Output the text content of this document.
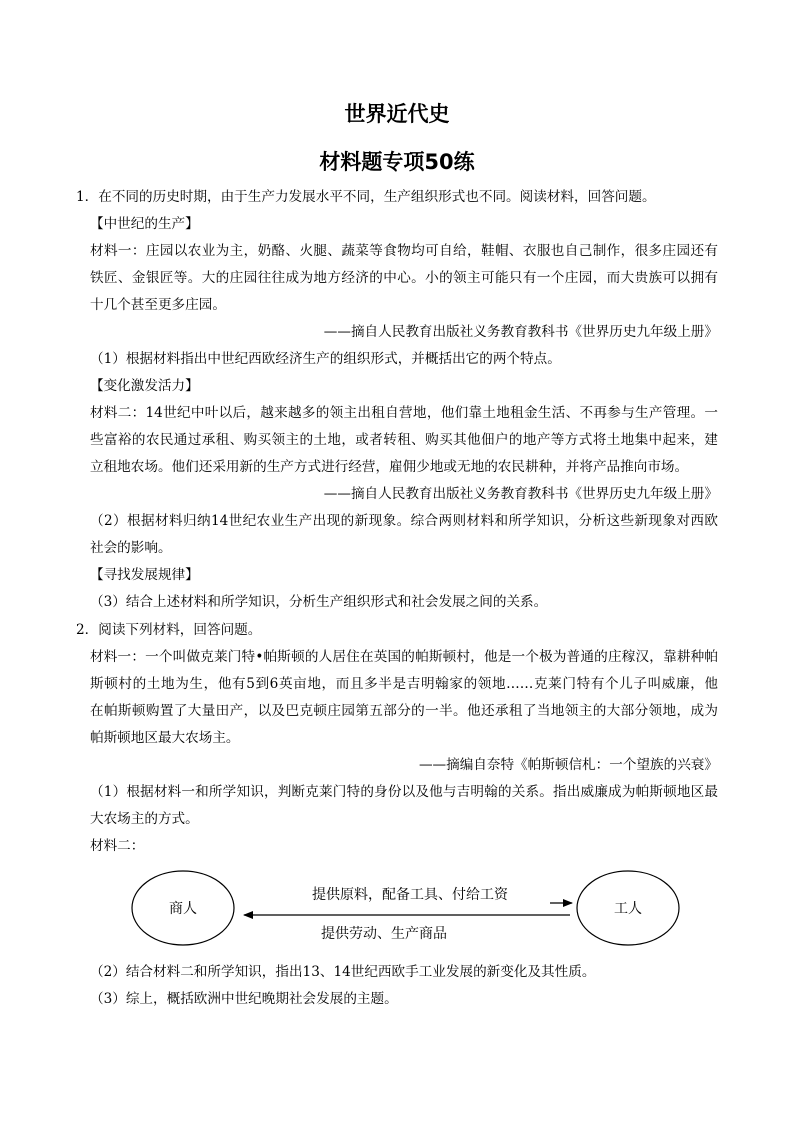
世界近代史
材料题专项50练
1．在不同的历史时期，由于生产力发展水平不同，生产组织形式也不同。阅读材料，回答问题。
【中世纪的生产】
材料一：庄园以农业为主，奶酪、火腿、蔬菜等食物均可自给，鞋帽、衣服也自己制作，很多庄园还有
铁匠、金银匠等。大的庄园往往成为地方经济的中心。小的领主可能只有一个庄园，而大贵族可以拥有
十几个甚至更多庄园。
——摘自人民教育出版社义务教育教科书《世界历史九年级上册》
（1）根据材料指出中世纪西欧经济生产的组织形式，并概括出它的两个特点。
【变化激发活力】
材料二：14世纪中叶以后，越来越多的领主出租自营地，他们靠土地租金生活、不再参与生产管理。一
些富裕的农民通过承租、购买领主的土地，或者转租、购买其他佃户的地产等方式将土地集中起来，建
立租地农场。他们还采用新的生产方式进行经营，雇佣少地或无地的农民耕种，并将产品推向市场。
——摘自人民教育出版社义务教育教科书《世界历史九年级上册》
（2）根据材料归纳14世纪农业生产出现的新现象。综合两则材料和所学知识，分析这些新现象对西欧
社会的影响。
【寻找发展规律】
（3）结合上述材料和所学知识，分析生产组织形式和社会发展之间的关系。
2．阅读下列材料，回答问题。
材料一：一个叫做克莱门特•帕斯顿的人居住在英国的帕斯顿村，他是一个极为普通的庄稼汉，靠耕种帕
斯顿村的土地为生，他有5到6英亩地，而且多半是吉明翰家的领地……克莱门特有个儿子叫威廉，他
在帕斯顿购置了大量田产，以及巴克顿庄园第五部分的一半。他还承租了当地领主的大部分领地，成为
帕斯顿地区最大农场主。
——摘编自奈特《帕斯顿信札：一个望族的兴衰》
（1）根据材料一和所学知识，判断克莱门特的身份以及他与吉明翰的关系。指出威廉成为帕斯顿地区最
大农场主的方式。
材料二：
商人	工人
提供原料，配备工具、付给工资
提供劳动、生产商品
（2）结合材料二和所学知识，指出13、14世纪西欧手工业发展的新变化及其性质。
（3）综上，概括欧洲中世纪晚期社会发展的主题。
